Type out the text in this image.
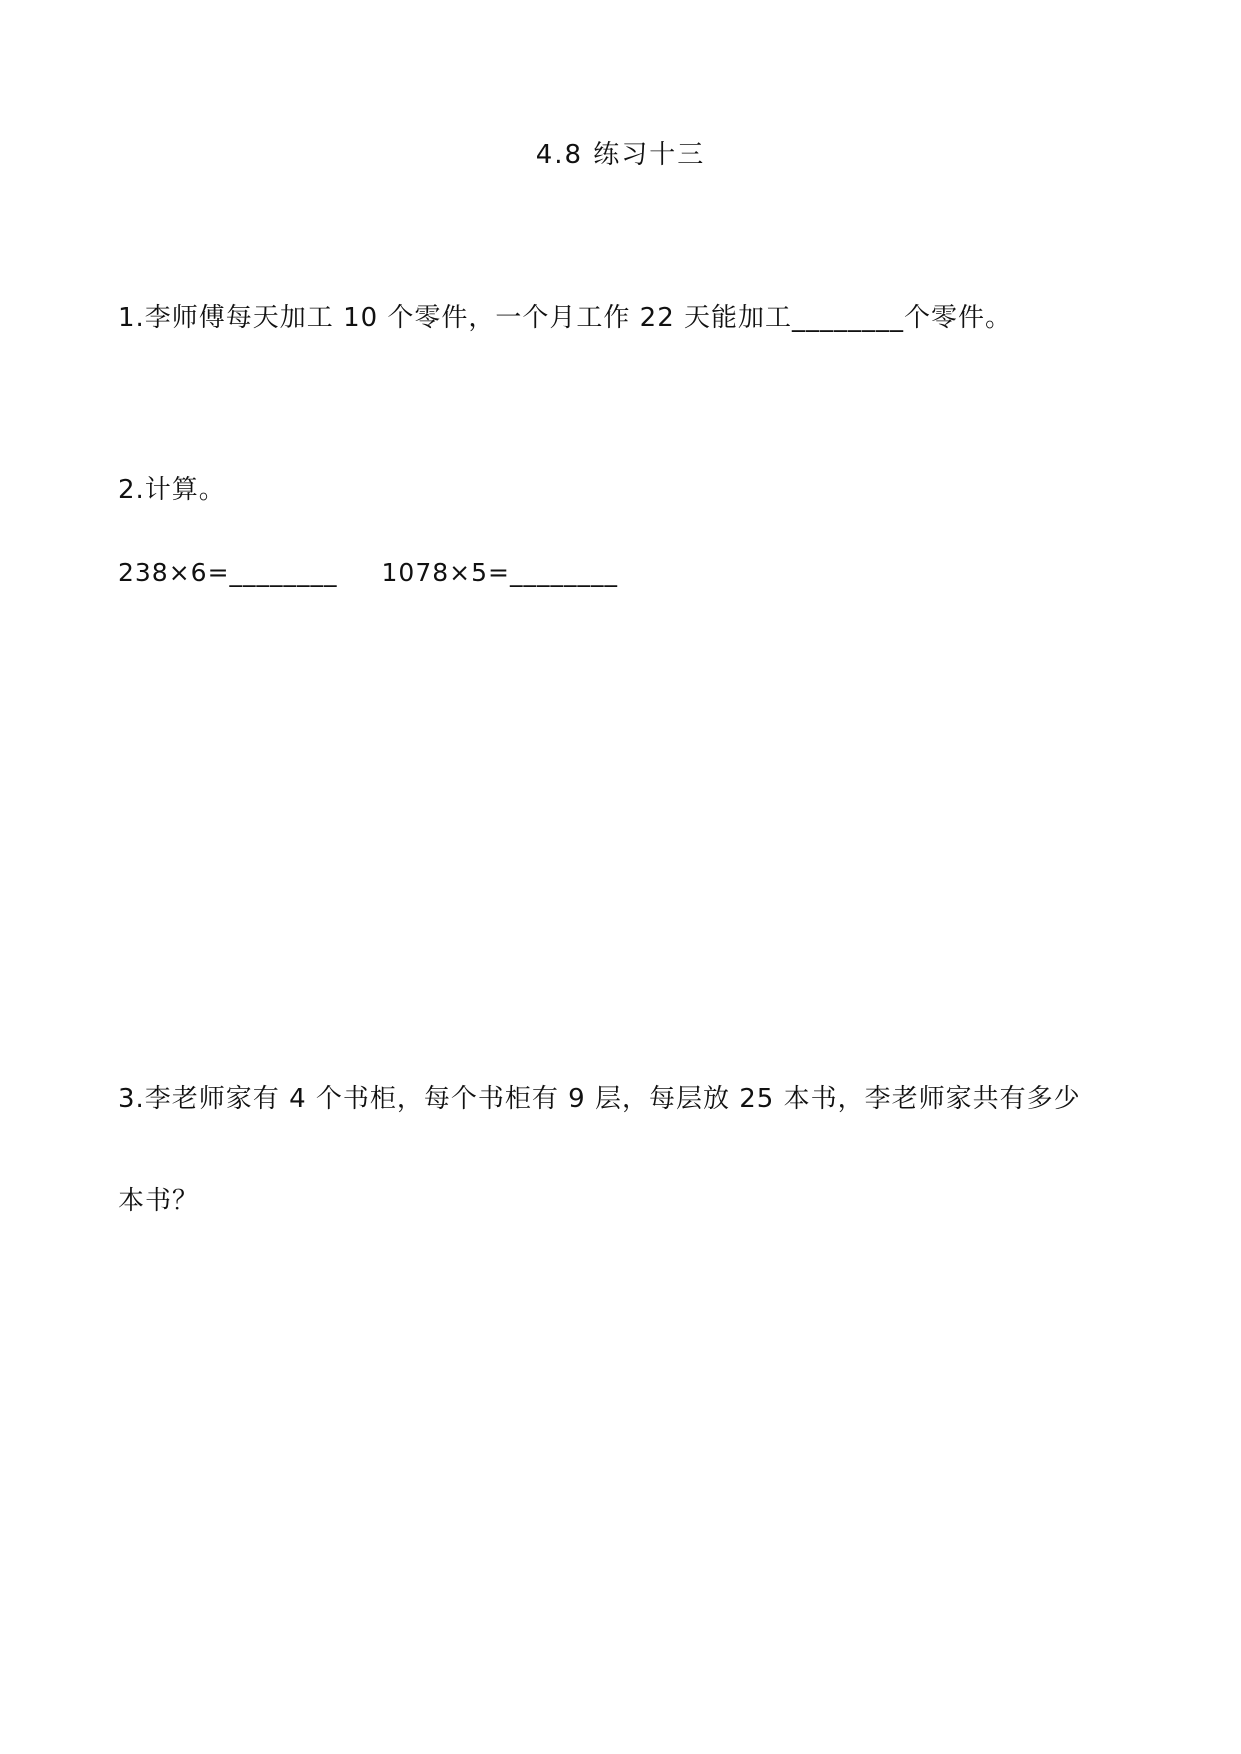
4.8 练习十三
1.李师傅每天加工 10 个零件，一个月工作 22 天能加工________个零件。
2.计算。
238×6=________ 1078×5=________
3.李老师家有 4 个书柜，每个书柜有 9 层，每层放 25 本书，李老师家共有多少
本书？
